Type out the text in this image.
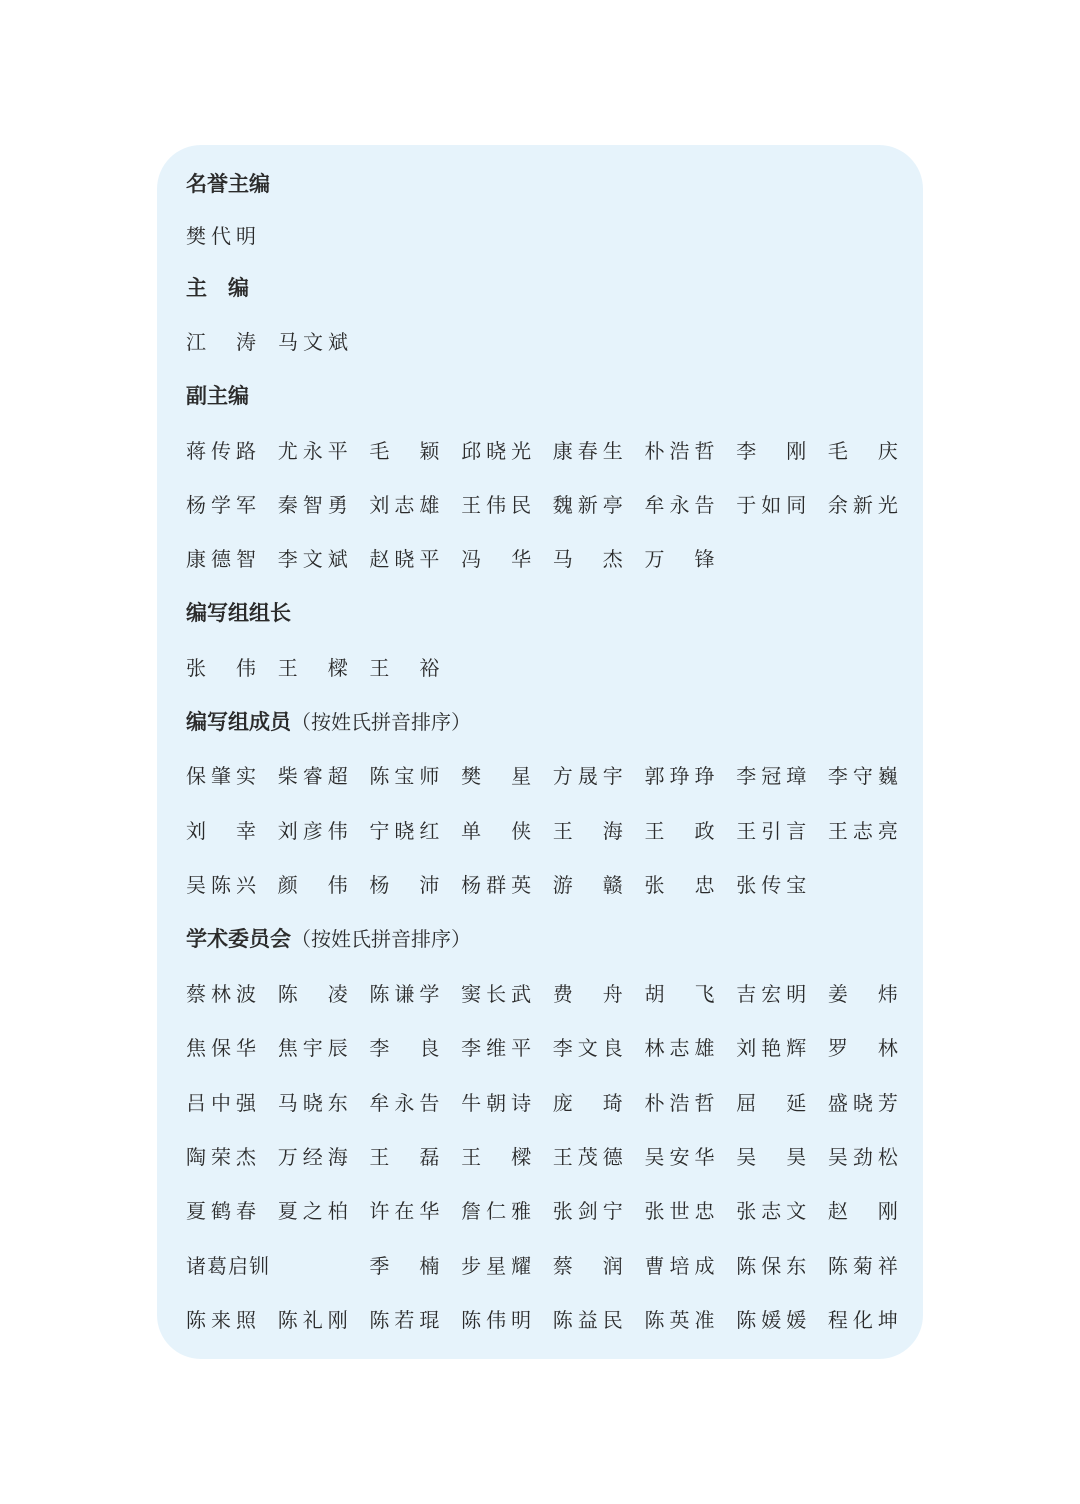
名誉主编
樊 代 明
主　编
江
　 涛 马 文 斌
副主编
蒋 传 路 尤 永 平 毛
　 颖 邱 晓 光 康 春 生 朴 浩 哲 李
　 刚 毛
　 庆
杨 学 军 秦 智 勇 刘 志 雄 王 伟 民 魏 新 亭 牟 永 告 于 如 同 余 新 光
康 德 智 李 文 斌 赵 晓 平 冯
　 华 马
　 杰 万
　 锋
编写组组长
张
　 伟 王
　 樑 王
　 裕
编写组成员（按姓氏拼音排序）
保 肇 实 柴 睿 超 陈 宝 师 樊
　 星 方 晟 宇 郭 琤 琤 李 冠 璋 李 守 巍
刘
　 幸 刘 彦 伟 宁 晓 红 单
　 侠 王
　 海 王
　 政 王 引 言 王 志 亮
吴 陈 兴 颜
　 伟 杨
　 沛 杨 群 英 游
　 赣 张
　 忠 张 传 宝
学术委员会（按姓氏拼音排序）
蔡 林 波 陈
　 凌 陈 谦 学 窦 长 武 费
　 舟 胡
　 飞 吉 宏 明 姜
　 炜
焦 保 华 焦 宇 辰 李
　 良 李 维 平 李 文 良 林 志 雄 刘 艳 辉 罗
　 林
吕 中 强 马 晓 东 牟 永 告 牛 朝 诗 庞
　 琦 朴 浩 哲 屈
　 延 盛 晓 芳
陶 荣 杰 万 经 海 王
　 磊 王
　 樑 王 茂 德 吴 安 华 吴
　 昊 吴 劲 松
夏 鹤 春 夏 之 柏 许 在 华 詹 仁 雅 张 剑 宁 张 世 忠 张 志 文 赵
　 刚
诸葛启钏	季
　 楠 步 星 耀 蔡
　 润 曹 培 成 陈 保 东 陈 菊 祥
陈 来 照 陈 礼 刚 陈 若 琨 陈 伟 明 陈 益 民 陈 英 准 陈 媛 媛 程 化 坤
